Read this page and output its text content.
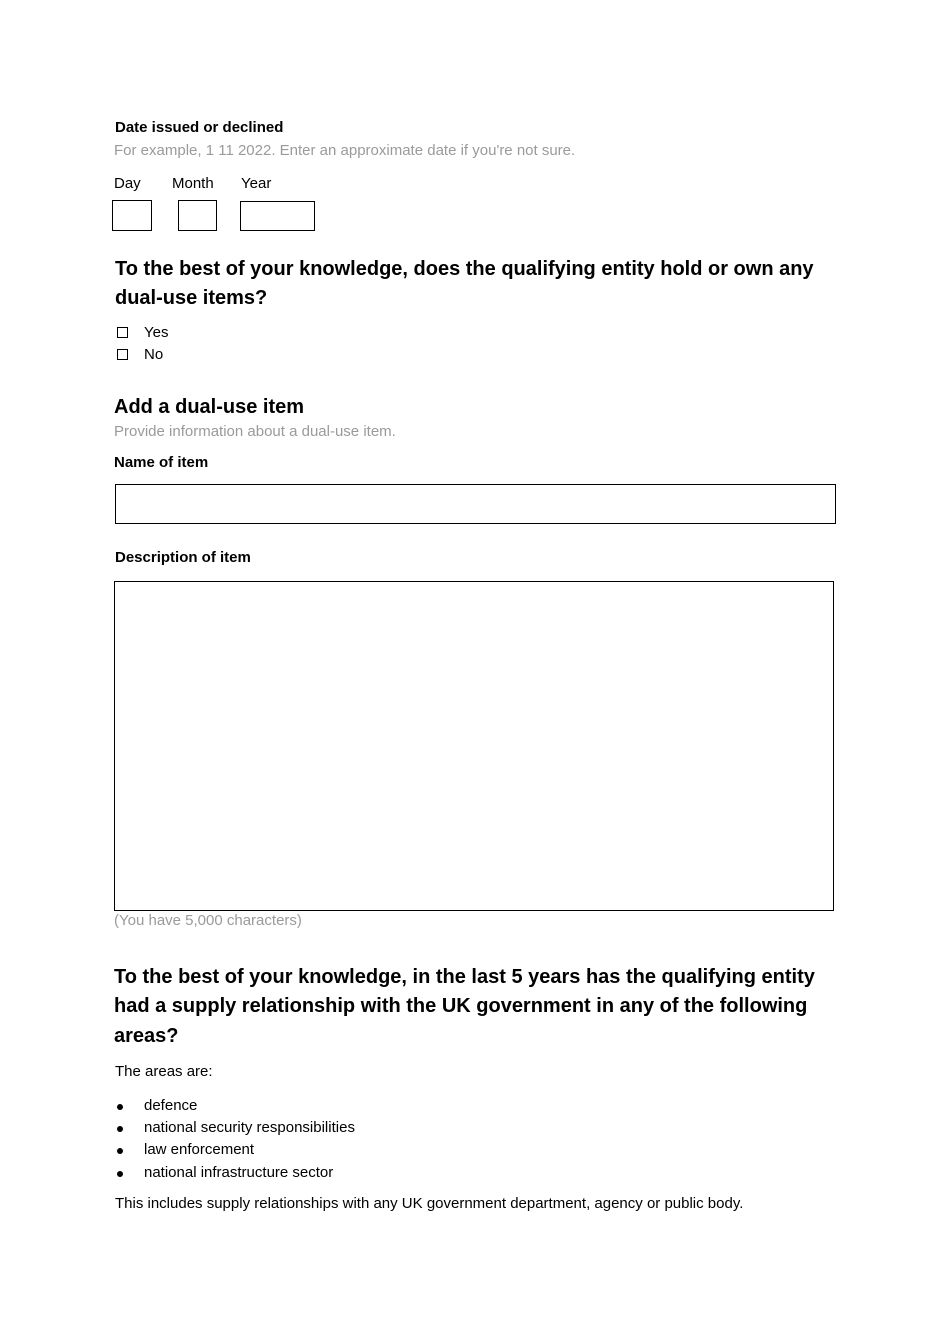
Date issued or declined
For example, 1 11 2022. Enter an approximate date if you're not sure.
Day Month Year
To the best of your knowledge, does the qualifying entity hold or own any
dual-use items?
Yes
No
Add a dual-use item
Provide information about a dual-use item.
Name of item
Description of item
(You have 5,000 characters)
To the best of your knowledge, in the last 5 years has the qualifying entity
had a supply relationship with the UK government in any of the following
areas?
The areas are:
defence
national security responsibilities
law enforcement
national infrastructure sector
This includes supply relationships with any UK government department, agency or public body.
